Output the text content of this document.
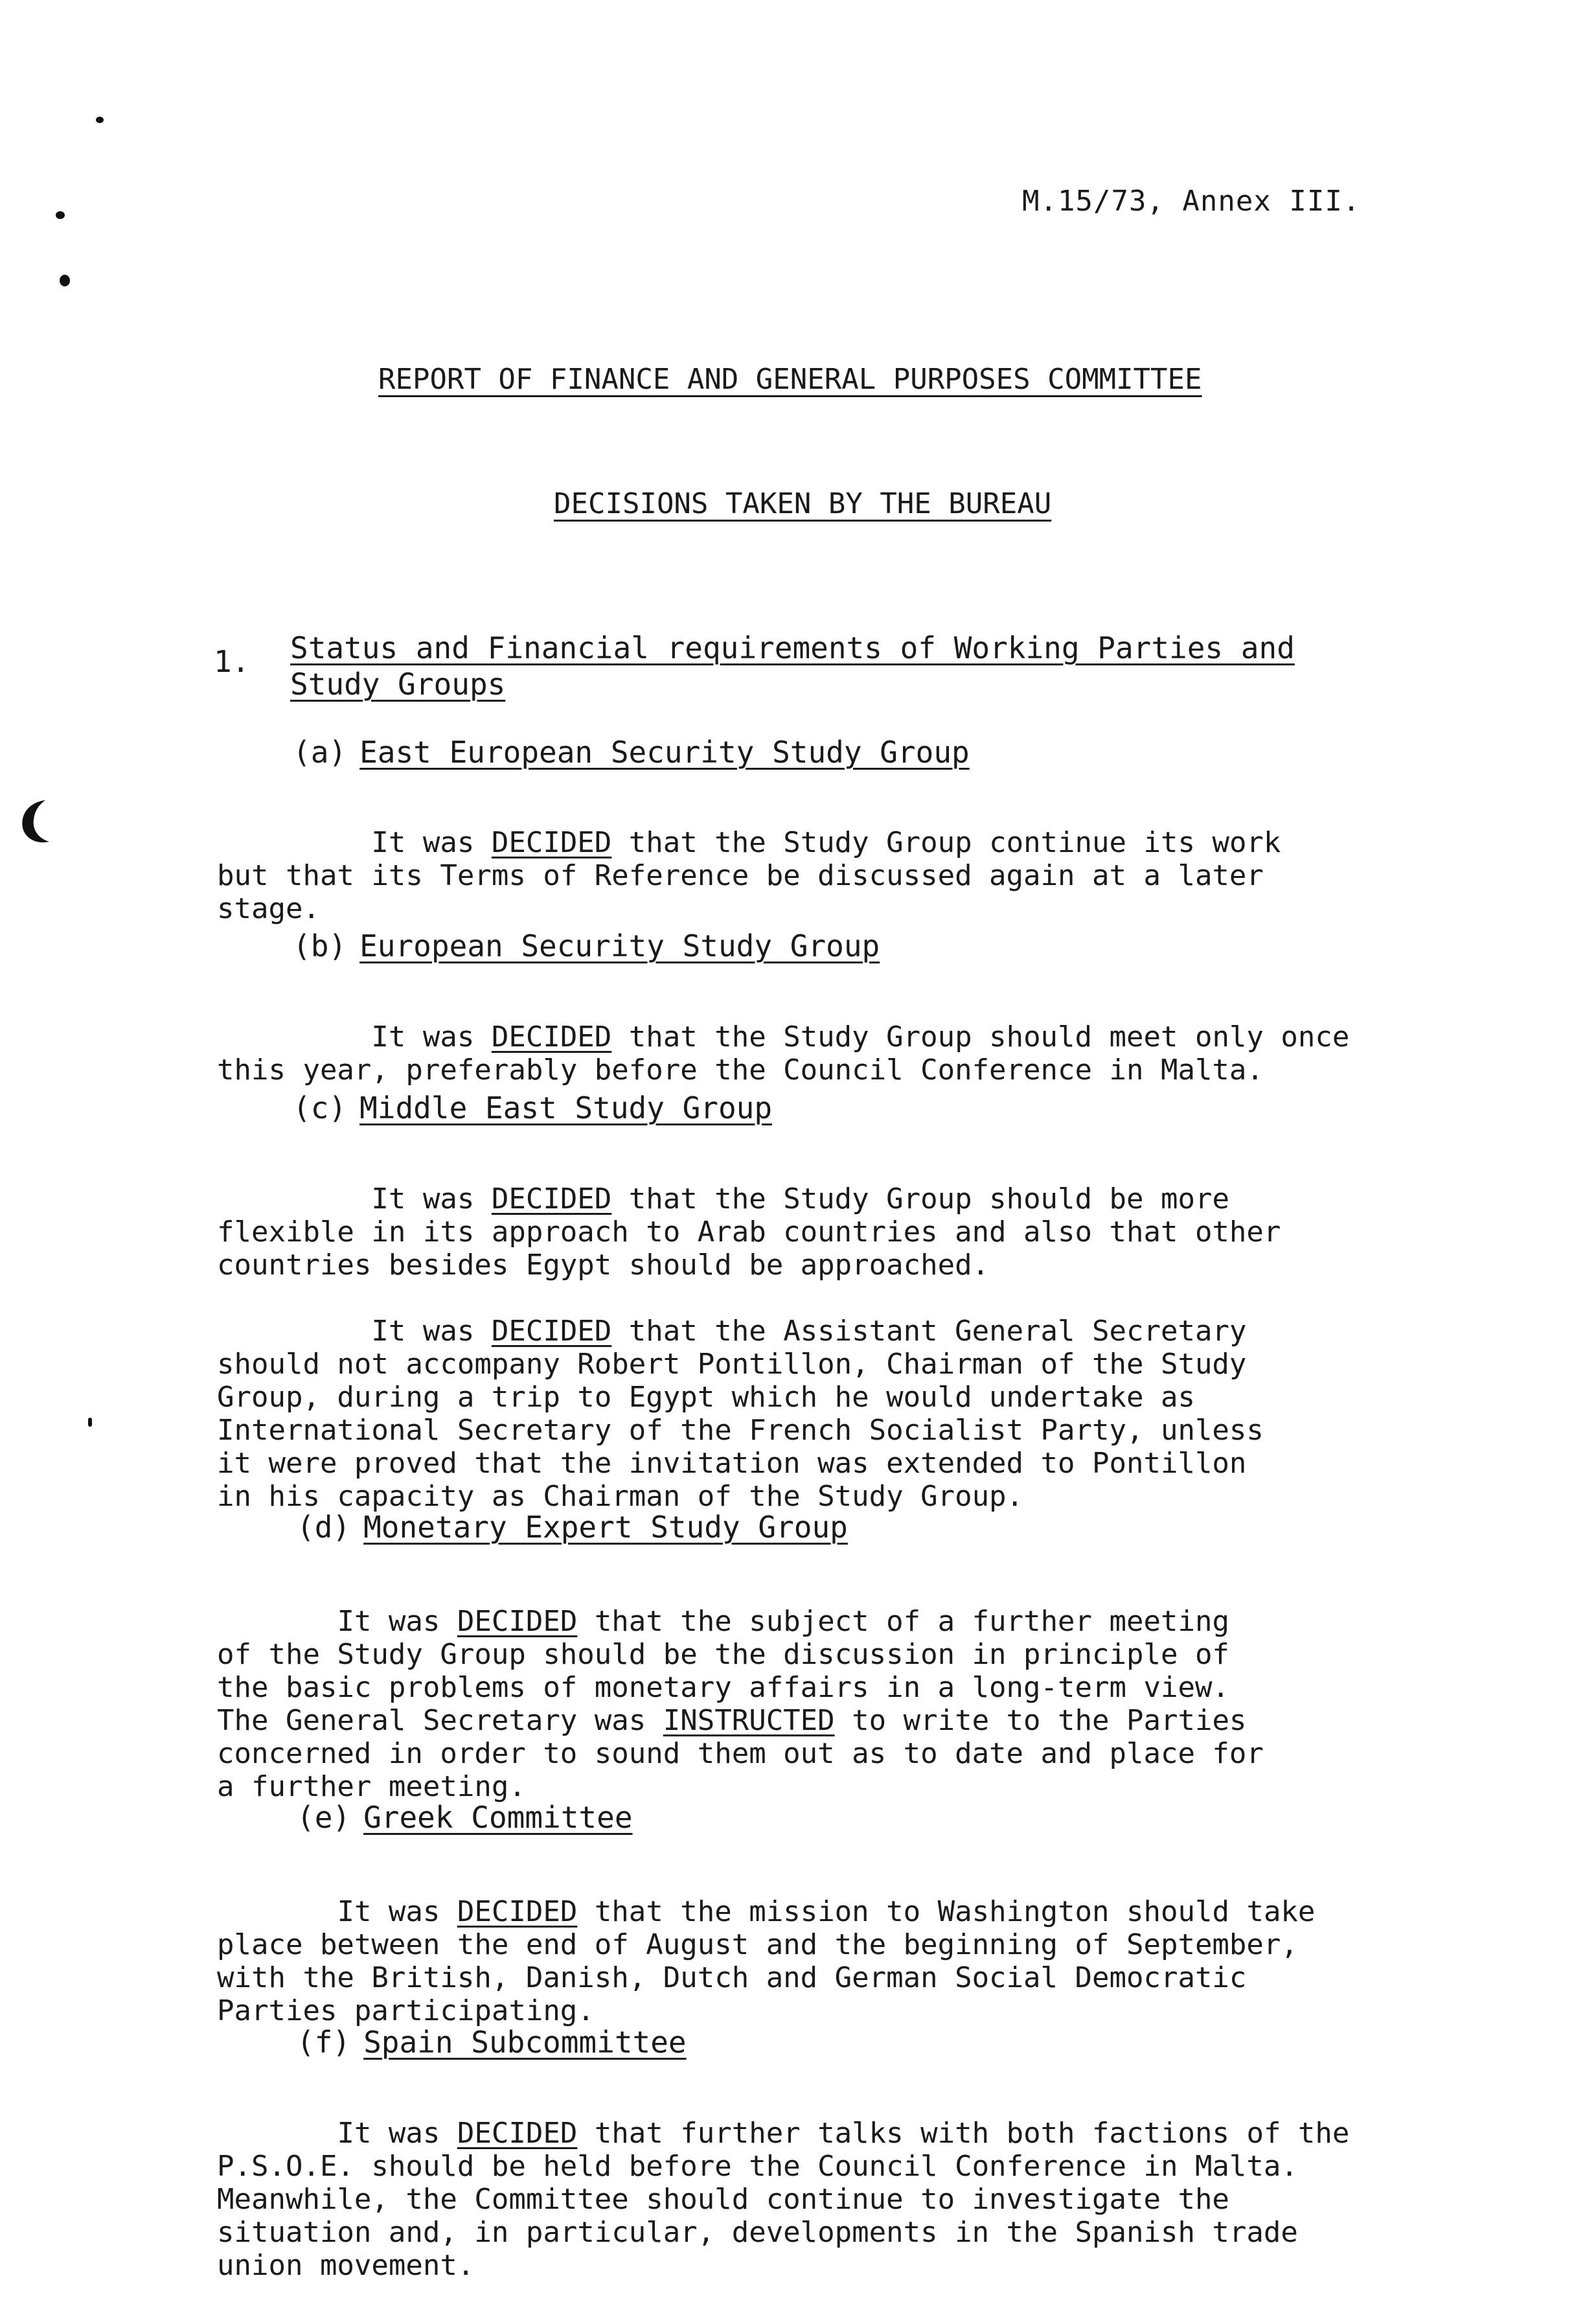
M.15/73, Annex III.
REPORT OF FINANCE AND GENERAL PURPOSES COMMITTEE
DECISIONS TAKEN BY THE BUREAU
1. Status and Financial requirements of Working Parties and Study Groups
(a) East European Security Study Group

It was DECIDED that the Study Group continue its work
but that its Terms of Reference be discussed again at a later
stage.

(b) European Security Study Group

It was DECIDED that the Study Group should meet only once
this year, preferably before the Council Conference in Malta.

(c) Middle East Study Group

It was DECIDED that the Study Group should be more
flexible in its approach to Arab countries and also that other
countries besides Egypt should be approached.

It was DECIDED that the Assistant General Secretary
should not accompany Robert Pontillon, Chairman of the Study
Group, during a trip to Egypt which he would undertake as
International Secretary of the French Socialist Party, unless
it were proved that the invitation was extended to Pontillon
in his capacity as Chairman of the Study Group.

(d) Monetary Expert Study Group

It was DECIDED that the subject of a further meeting
of the Study Group should be the discussion in principle of
the basic problems of monetary affairs in a long-term view.
The General Secretary was INSTRUCTED to write to the Parties
concerned in order to sound them out as to date and place for
a further meeting.

(e) Greek Committee

It was DECIDED that the mission to Washington should take
place between the end of August and the beginning of September,
with the British, Danish, Dutch and German Social Democratic
Parties participating.

(f) Spain Subcommittee

It was DECIDED that further talks with both factions of the
P.S.O.E. should be held before the Council Conference in Malta.
Meanwhile, the Committee should continue to investigate the
situation and, in particular, developments in the Spanish trade
union movement.
